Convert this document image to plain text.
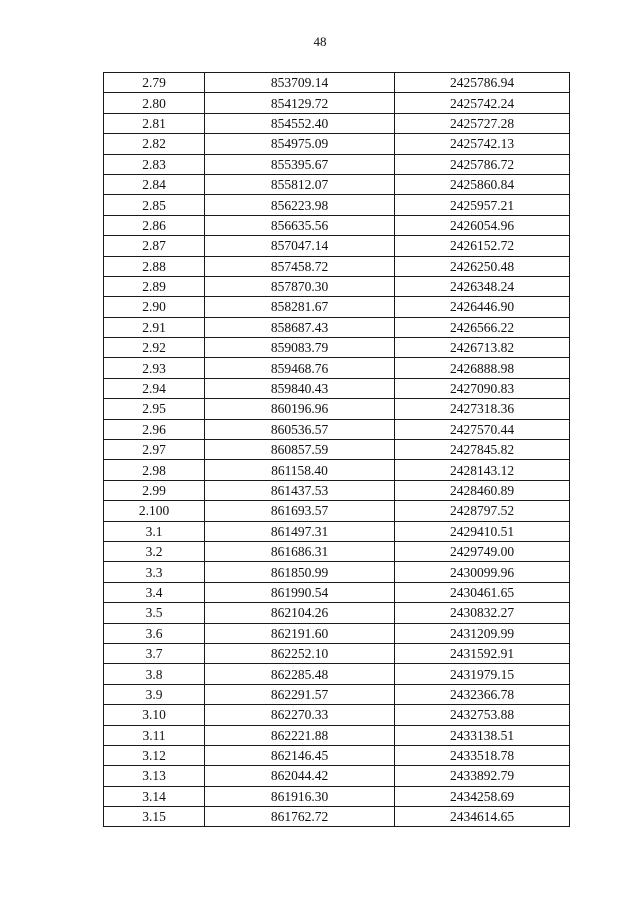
48
2.79	853709.14	2425786.94
2.80	854129.72	2425742.24
2.81	854552.40	2425727.28
2.82	854975.09	2425742.13
2.83	855395.67	2425786.72
2.84	855812.07	2425860.84
2.85	856223.98	2425957.21
2.86	856635.56	2426054.96
2.87	857047.14	2426152.72
2.88	857458.72	2426250.48
2.89	857870.30	2426348.24
2.90	858281.67	2426446.90
2.91	858687.43	2426566.22
2.92	859083.79	2426713.82
2.93	859468.76	2426888.98
2.94	859840.43	2427090.83
2.95	860196.96	2427318.36
2.96	860536.57	2427570.44
2.97	860857.59	2427845.82
2.98	861158.40	2428143.12
2.99	861437.53	2428460.89
2.100	861693.57	2428797.52
3.1	861497.31	2429410.51
3.2	861686.31	2429749.00
3.3	861850.99	2430099.96
3.4	861990.54	2430461.65
3.5	862104.26	2430832.27
3.6	862191.60	2431209.99
3.7	862252.10	2431592.91
3.8	862285.48	2431979.15
3.9	862291.57	2432366.78
3.10	862270.33	2432753.88
3.11	862221.88	2433138.51
3.12	862146.45	2433518.78
3.13	862044.42	2433892.79
3.14	861916.30	2434258.69
3.15	861762.72	2434614.65
